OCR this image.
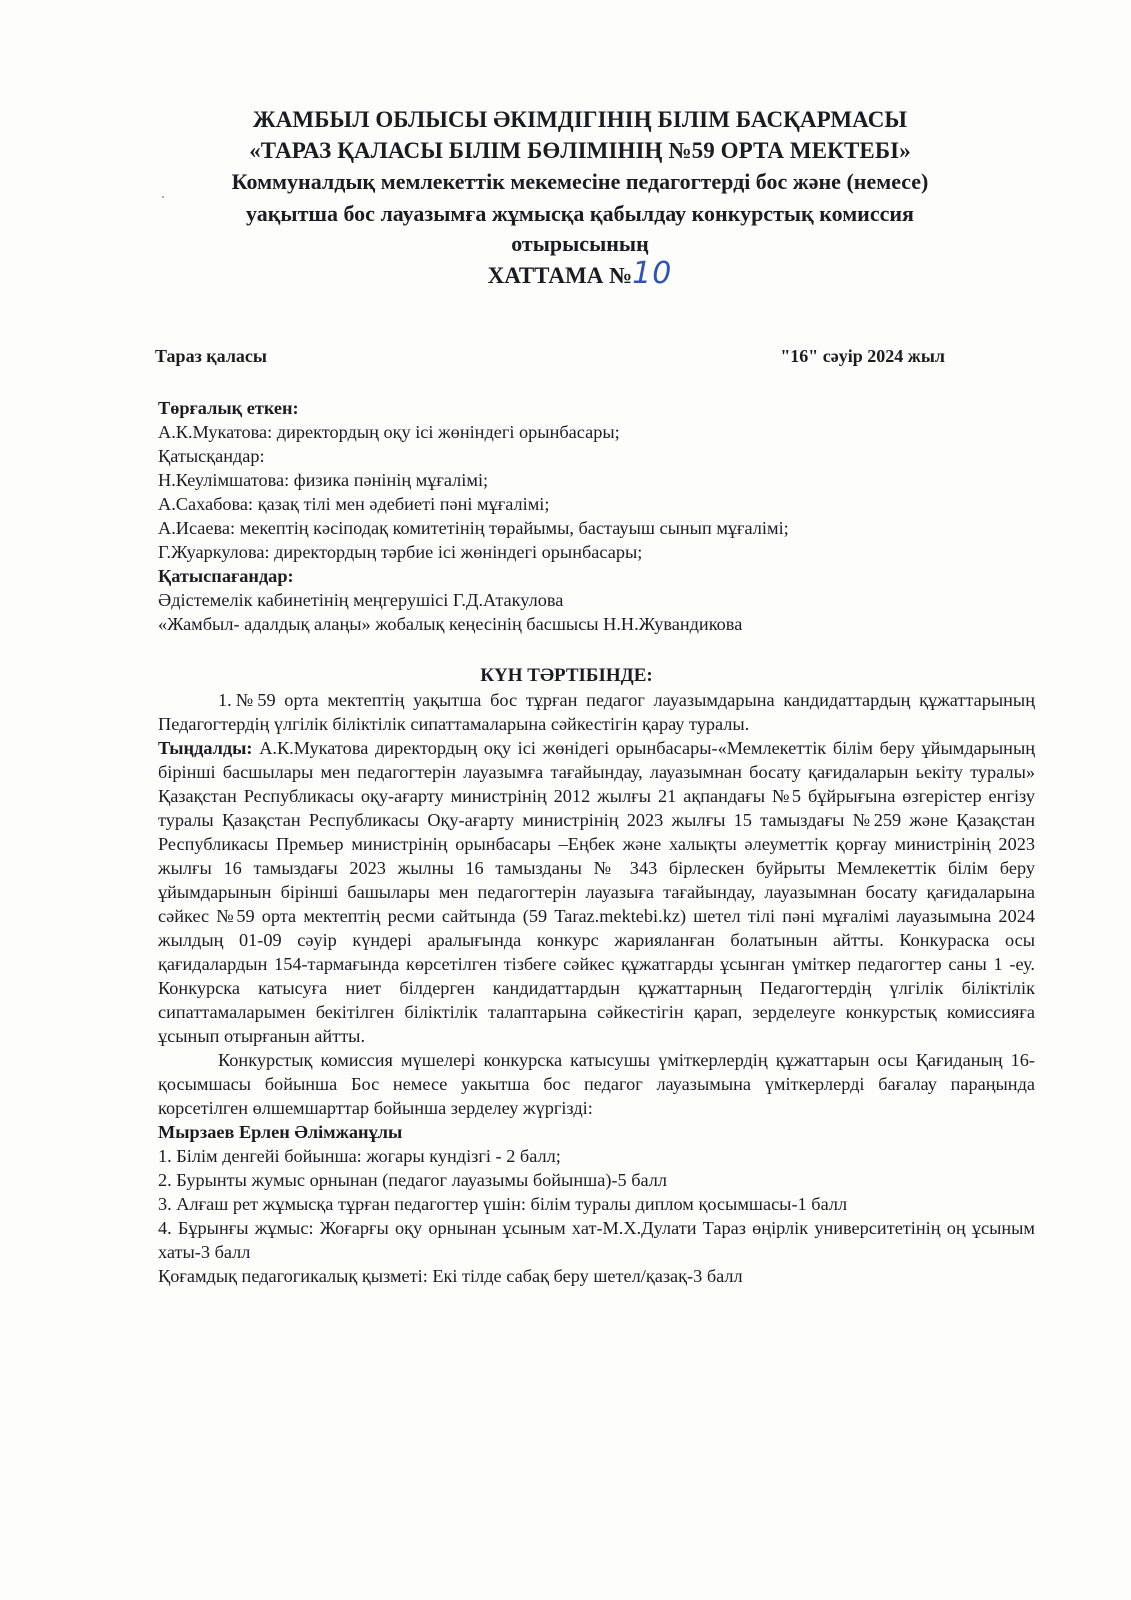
ЖАМБЫЛ ОБЛЫСЫ ӘКІМДІГІНІҢ БІЛІМ БАСҚАРМАСЫ
«ТАРАЗ ҚАЛАСЫ БІЛІМ БӨЛІМІНІҢ №59 ОРТА МЕКТЕБІ»
Коммуналдық мемлекеттік мекемесіне педагогтерді бос және (немесе)
уақытша бос лауазымға жұмысқа қабылдау конкурстық комиссия
отырысының
ХАТТАМА №10
·
Тараз қаласы	"16" сәуір 2024 жыл
Төрғалық еткен:
А.К.Мукатова: директордың оқу ісі жөніндегі орынбасары;
Қатысқандар:
Н.Кеулімшатова: физика пәнінің мұғалімі;
А.Сахабова: қазақ тілі мен әдебиеті пәні мұғалімі;
А.Исаева: мекептің кәсіподақ комитетінің төрайымы, бастауыш сынып мұғалімі;
Г.Жуаркулова: директордың тәрбие ісі жөніндегі орынбасары;
Қатыспағандар:
Әдістемелік кабинетінің меңгерушісі Г.Д.Атакулова
«Жамбыл- адалдық алаңы» жобалық кеңесінің басшысы Н.Н.Жувандикова
КҮН ТӘРТІБІНДЕ:
1.№59 орта мектептің уақытша бос тұрған педагог лауазымдарына кандидаттардың құжаттарының Педагогтердің үлгілік біліктілік сипаттамаларына сәйкестігін қарау туралы.
Тыңдалды: А.К.Мукатова директордың оқу ісі жөнідегі орынбасары-«Мемлекеттік білім беру ұйымдарының бірінші басшылары мен педагогтерін лауазымға тағайындау, лауазымнан босату қағидаларын ьекіту туралы» Қазақстан Республикасы оқу-ағарту министрінің 2012 жылғы 21 ақпандағы №5 бұйрығына өзгерістер енгізу туралы Қазақстан Республикасы Оқу-ағарту министрінің 2023 жылғы 15 тамыздағы №259 және Қазақстан Республикасы Премьер министрінің орынбасары –Еңбек және халықты әлеуметтік қорғау министрінің 2023 жылғы 16 тамыздағы 2023 жылны 16 тамызданы № 343 бірлескен буйрыты Мемлекеттік білім беру ұйымдарынын бірінші башылары мен педагогтерін лауазыға тағайындау, лауазымнан босату қағидаларына сәйкес №59 орта мектептің ресми сайтында (59 Taraz.mektebi.kz) шетел тілі пәні мұғалімі лауазымына 2024 жылдың 01-09 сәуір күндері аралығында конкурс жарияланған болатынын айтты. Конкураска осы қағидалардын 154-тармағында көрсетілген тізбеге сәйкес құжатгарды ұсынган үміткер педагогтер саны 1 -еу. Конкурска катысуға ниет білдерген кандидаттардын құжаттарның Педагогтердің үлгілік біліктілік сипаттамаларымен бекітілген біліктілік талаптарына сәйкестігін қарап, зерделеуге конкурстық комиссияға ұсынып отырғанын айтты.
Конкурстық комиссия мүшелері конкурска катысушы үміткерлердің құжаттарын осы Қағиданың 16-қосымшасы бойынша Бос немесе уакытша бос педагог лауазымына үміткерлерді бағалау параңында корсетілген өлшемшарттар бойынша зерделеу жүргізді:
Мырзаев Ерлен Әлімжанұлы
1. Білім денгейі бойынша: жогары кундізгі - 2 балл;
2. Бурынты жумыс орнынан (педагог лауазымы бойынша)-5 балл
3. Алғаш рет жұмысқа тұрған педагогтер үшін: білім туралы диплом қосымшасы-1 балл
4. Бұрынғы жұмыс: Жоғарғы оқу орнынан ұсыным хат-М.Х.Дулати Тараз өңірлік университетінің оң ұсыным хаты-3 балл
Қоғамдық педагогикалық қызметі: Екі тілде сабақ беру шетел/қазақ-3 балл
